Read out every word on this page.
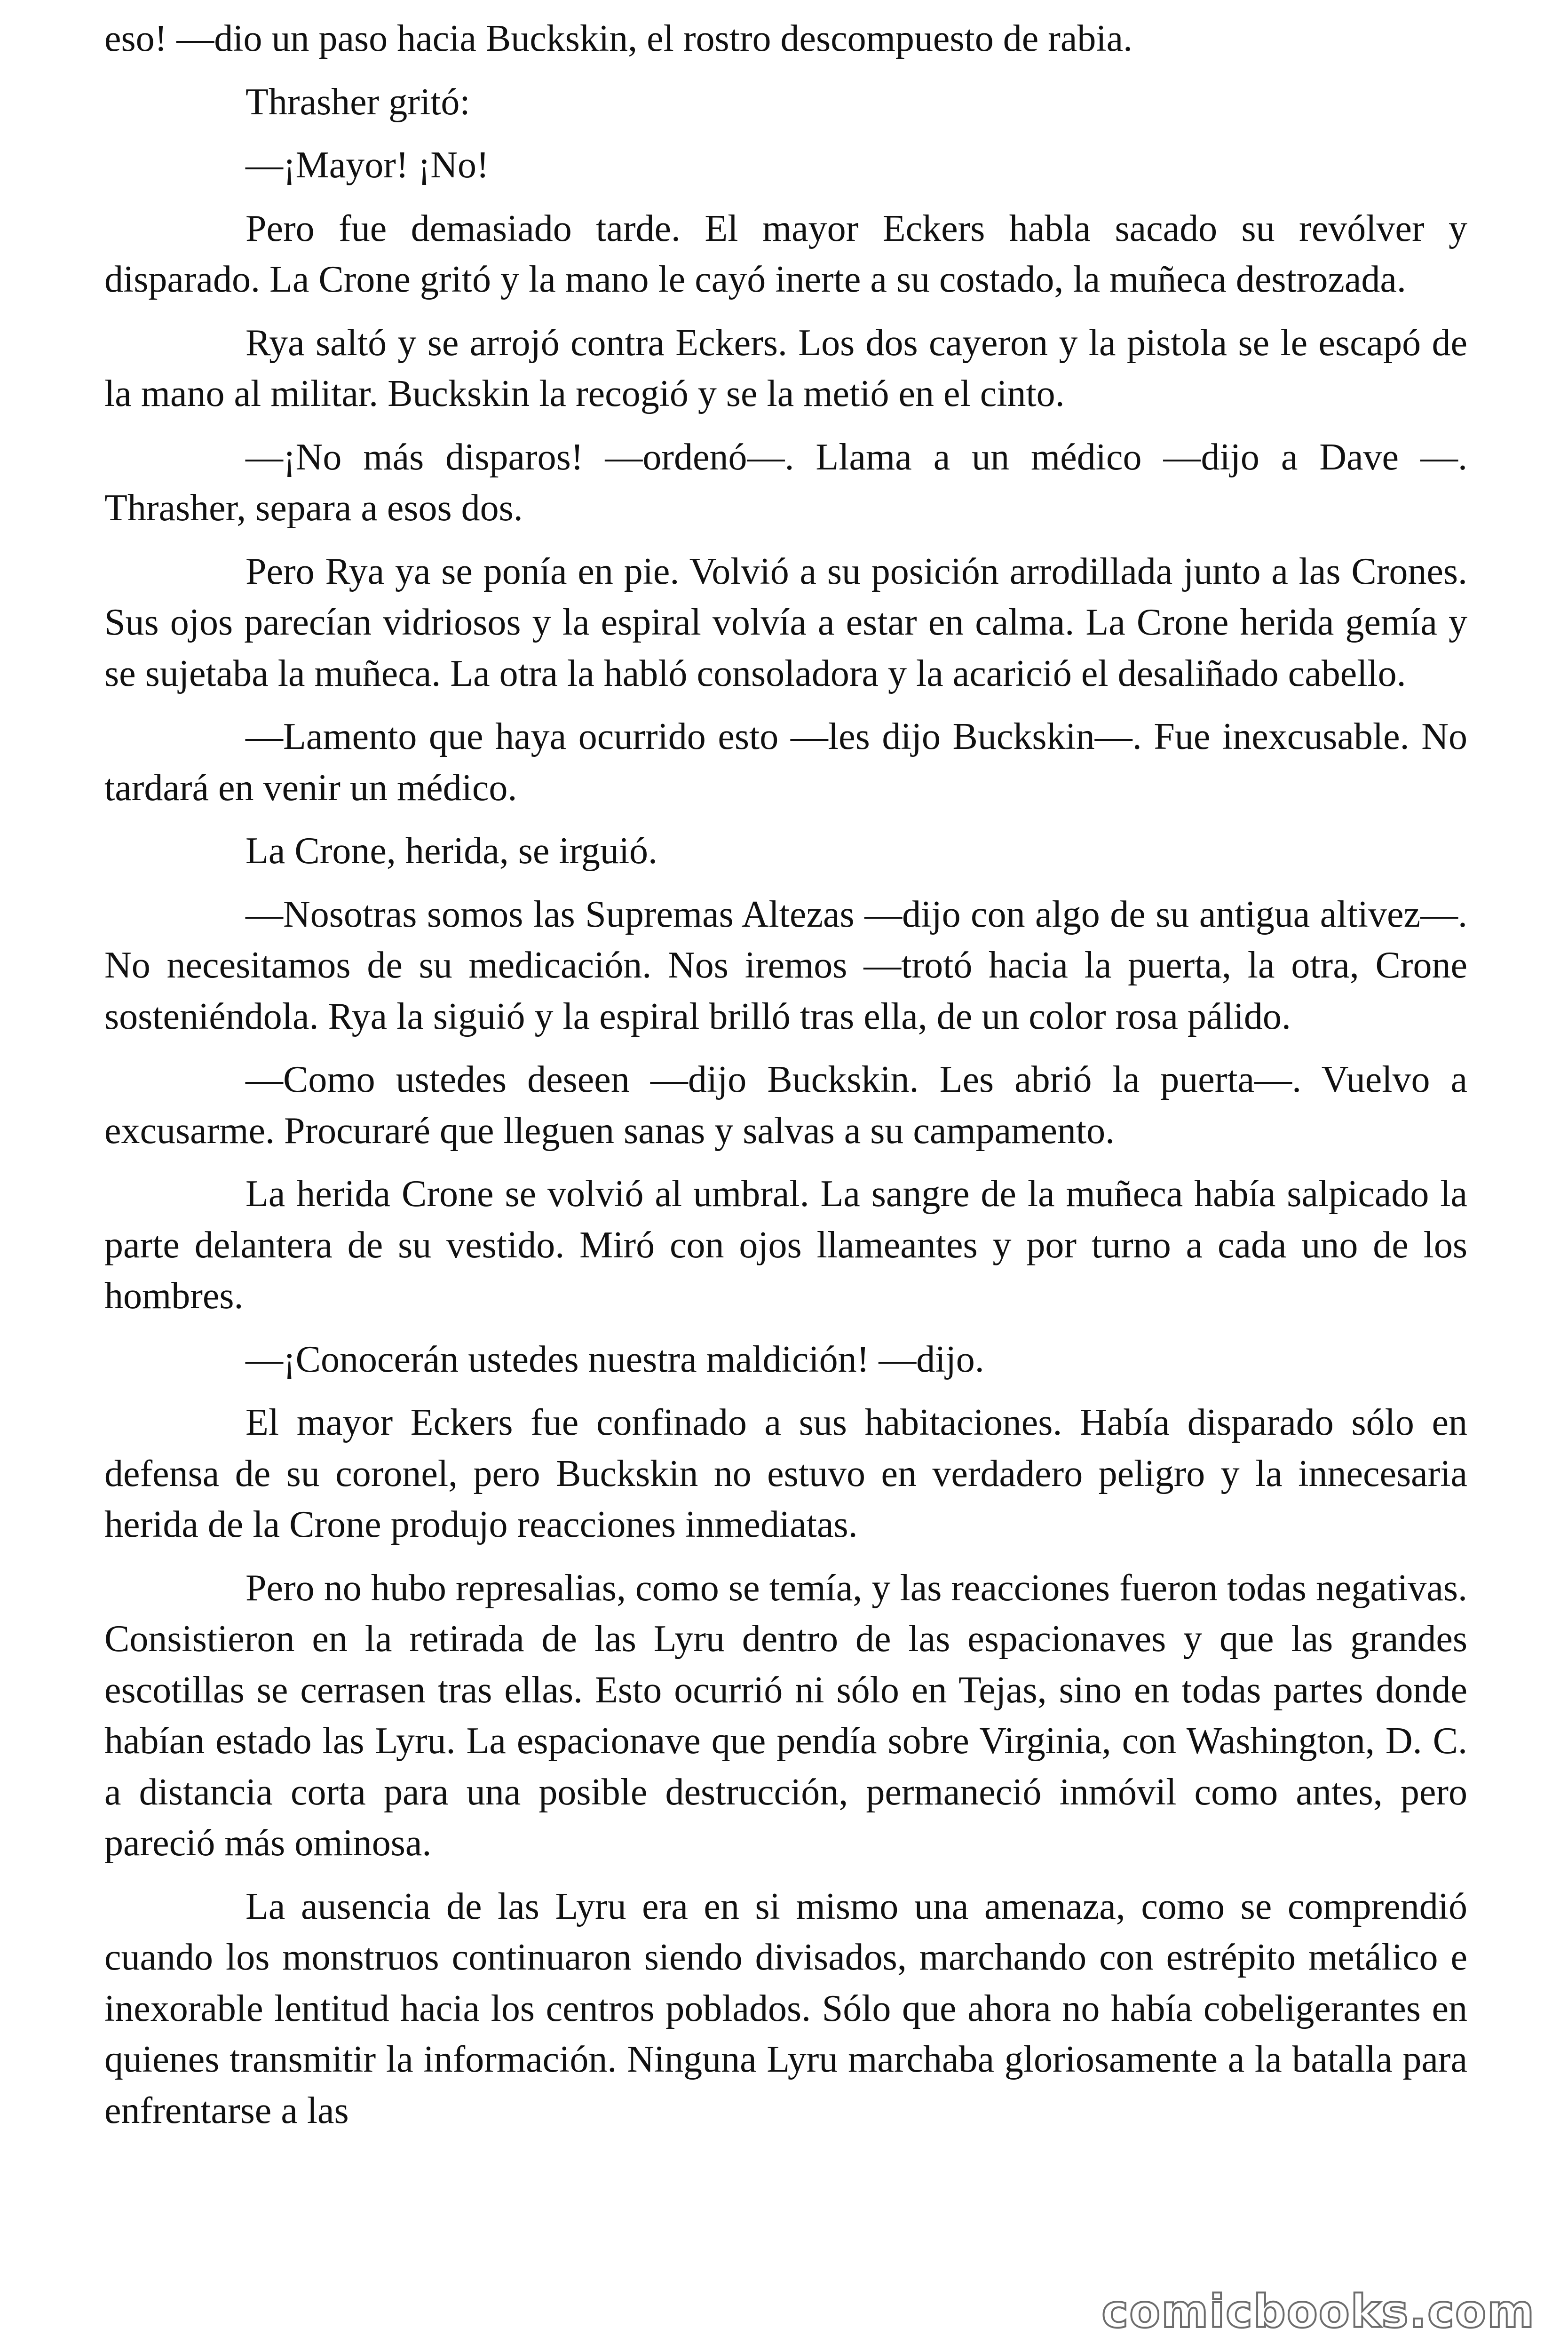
eso! —dio un paso hacia Buckskin, el rostro descompuesto de rabia.

Thrasher gritó:

—¡Mayor! ¡No!

Pero fue demasiado tarde. El mayor Eckers habla sacado su revólver y disparado. La Crone gritó y la mano le cayó inerte a su costado, la muñeca destrozada.

Rya saltó y se arrojó contra Eckers. Los dos cayeron y la pistola se le escapó de la mano al militar. Buckskin la recogió y se la metió en el cinto.

—¡No más disparos! —ordenó—. Llama a un médico —dijo a Dave —. Thrasher, separa a esos dos.

Pero Rya ya se ponía en pie. Volvió a su posición arrodillada junto a las Crones. Sus ojos parecían vidriosos y la espiral volvía a estar en calma. La Crone herida gemía y se sujetaba la muñeca. La otra la habló consoladora y la acarició el desaliñado cabello.

—Lamento que haya ocurrido esto —les dijo Buckskin—. Fue inexcusable. No tardará en venir un médico.

La Crone, herida, se irguió.

—Nosotras somos las Supremas Altezas —dijo con algo de su antigua altivez—. No necesitamos de su medicación. Nos iremos —trotó hacia la puerta, la otra, Crone sosteniéndola. Rya la siguió y la espiral brilló tras ella, de un color rosa pálido.

—Como ustedes deseen —dijo Buckskin. Les abrió la puerta—. Vuelvo a excusarme. Procuraré que lleguen sanas y salvas a su campamento.

La herida Crone se volvió al umbral. La sangre de la muñeca había salpicado la parte delantera de su vestido. Miró con ojos llameantes y por turno a cada uno de los hombres.

—¡Conocerán ustedes nuestra maldición! —dijo.

El mayor Eckers fue confinado a sus habitaciones. Había disparado sólo en defensa de su coronel, pero Buckskin no estuvo en verdadero peligro y la innecesaria herida de la Crone produjo reacciones inmediatas.

Pero no hubo represalias, como se temía, y las reacciones fueron todas negativas. Consistieron en la retirada de las Lyru dentro de las espacionaves y que las grandes escotillas se cerrasen tras ellas. Esto ocurrió ni sólo en Tejas, sino en todas partes donde habían estado las Lyru. La espacionave que pendía sobre Virginia, con Washington, D. C. a distancia corta para una posible destrucción, permaneció inmóvil como antes, pero pareció más ominosa.

La ausencia de las Lyru era en si mismo una amenaza, como se comprendió cuando los monstruos continuaron siendo divisados, marchando con estrépito metálico e inexorable lentitud hacia los centros poblados. Sólo que ahora no había cobeligerantes en quienes transmitir la información. Ninguna Lyru marchaba gloriosamente a la batalla para enfrentarse a las

comicbooks.com
